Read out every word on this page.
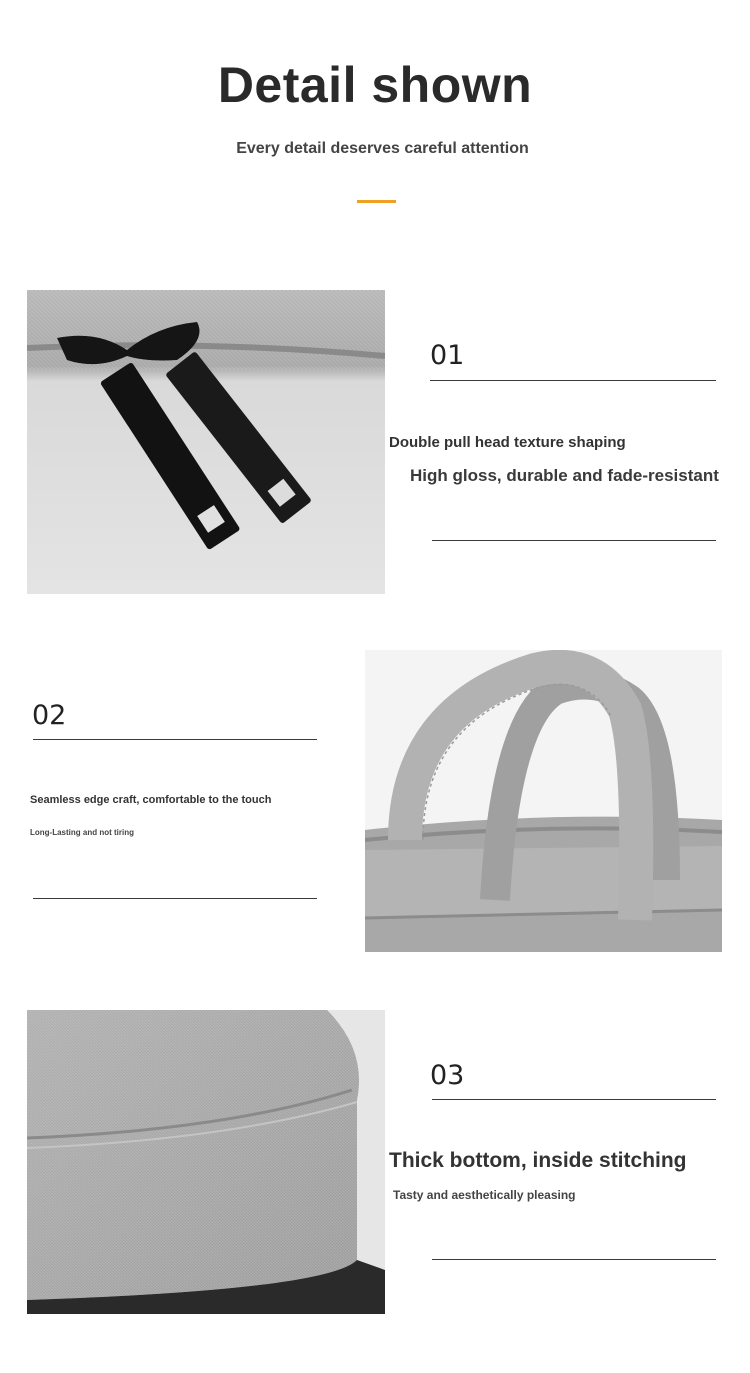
Detail shown
Every detail deserves careful attention
01
Double pull head texture shaping
High gloss, durable and fade-resistant
02
Seamless edge craft, comfortable to the touch
Long-Lasting and not tiring
03
Thick bottom, inside stitching
Tasty and aesthetically pleasing
